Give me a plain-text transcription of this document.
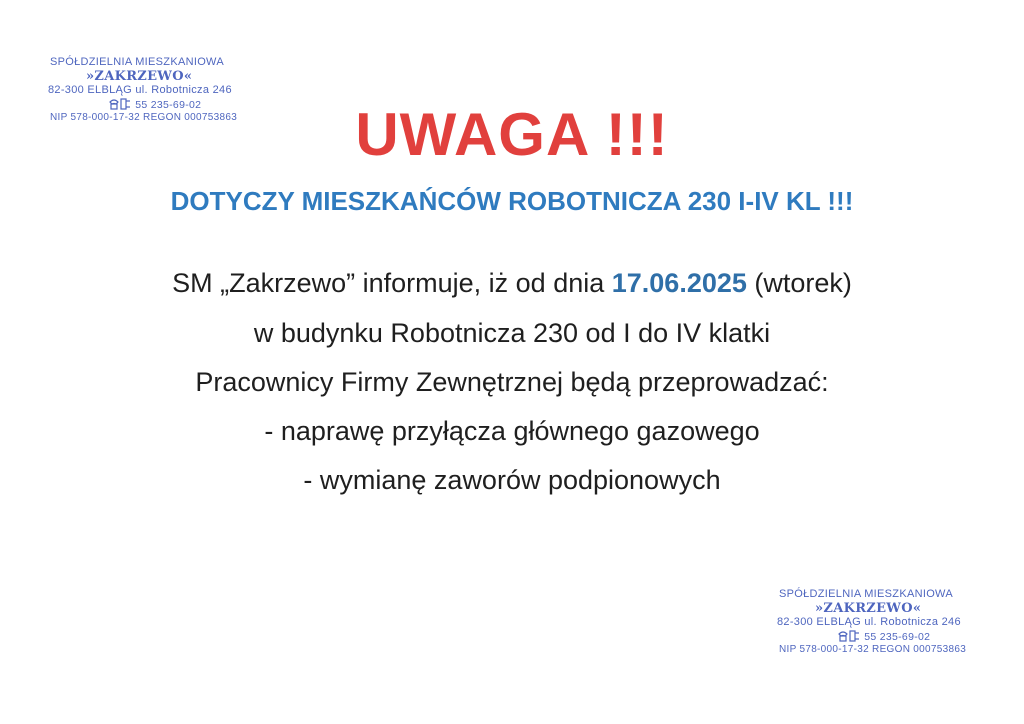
SPÓŁDZIELNIA MIESZKANIOWA
»ZAKRZEWO«
82-300 ELBLĄG ul. Robotnicza 246
55 235-69-02
NIP 578-000-17-32 REGON 000753863	UWAGA !!!
DOTYCZY MIESZKAŃCÓW ROBOTNICZA 230 I-IV KL !!!
SM „Zakrzewo” informuje, iż od dnia 17.06.2025 (wtorek)
w budynku Robotnicza 230 od I do IV klatki
Pracownicy Firmy Zewnętrznej będą przeprowadzać:
- naprawę przyłącza głównego gazowego
- wymianę zaworów podpionowych
SPÓŁDZIELNIA MIESZKANIOWA
»ZAKRZEWO«
82-300 ELBLĄG ul. Robotnicza 246
55 235-69-02
NIP 578-000-17-32 REGON 000753863
